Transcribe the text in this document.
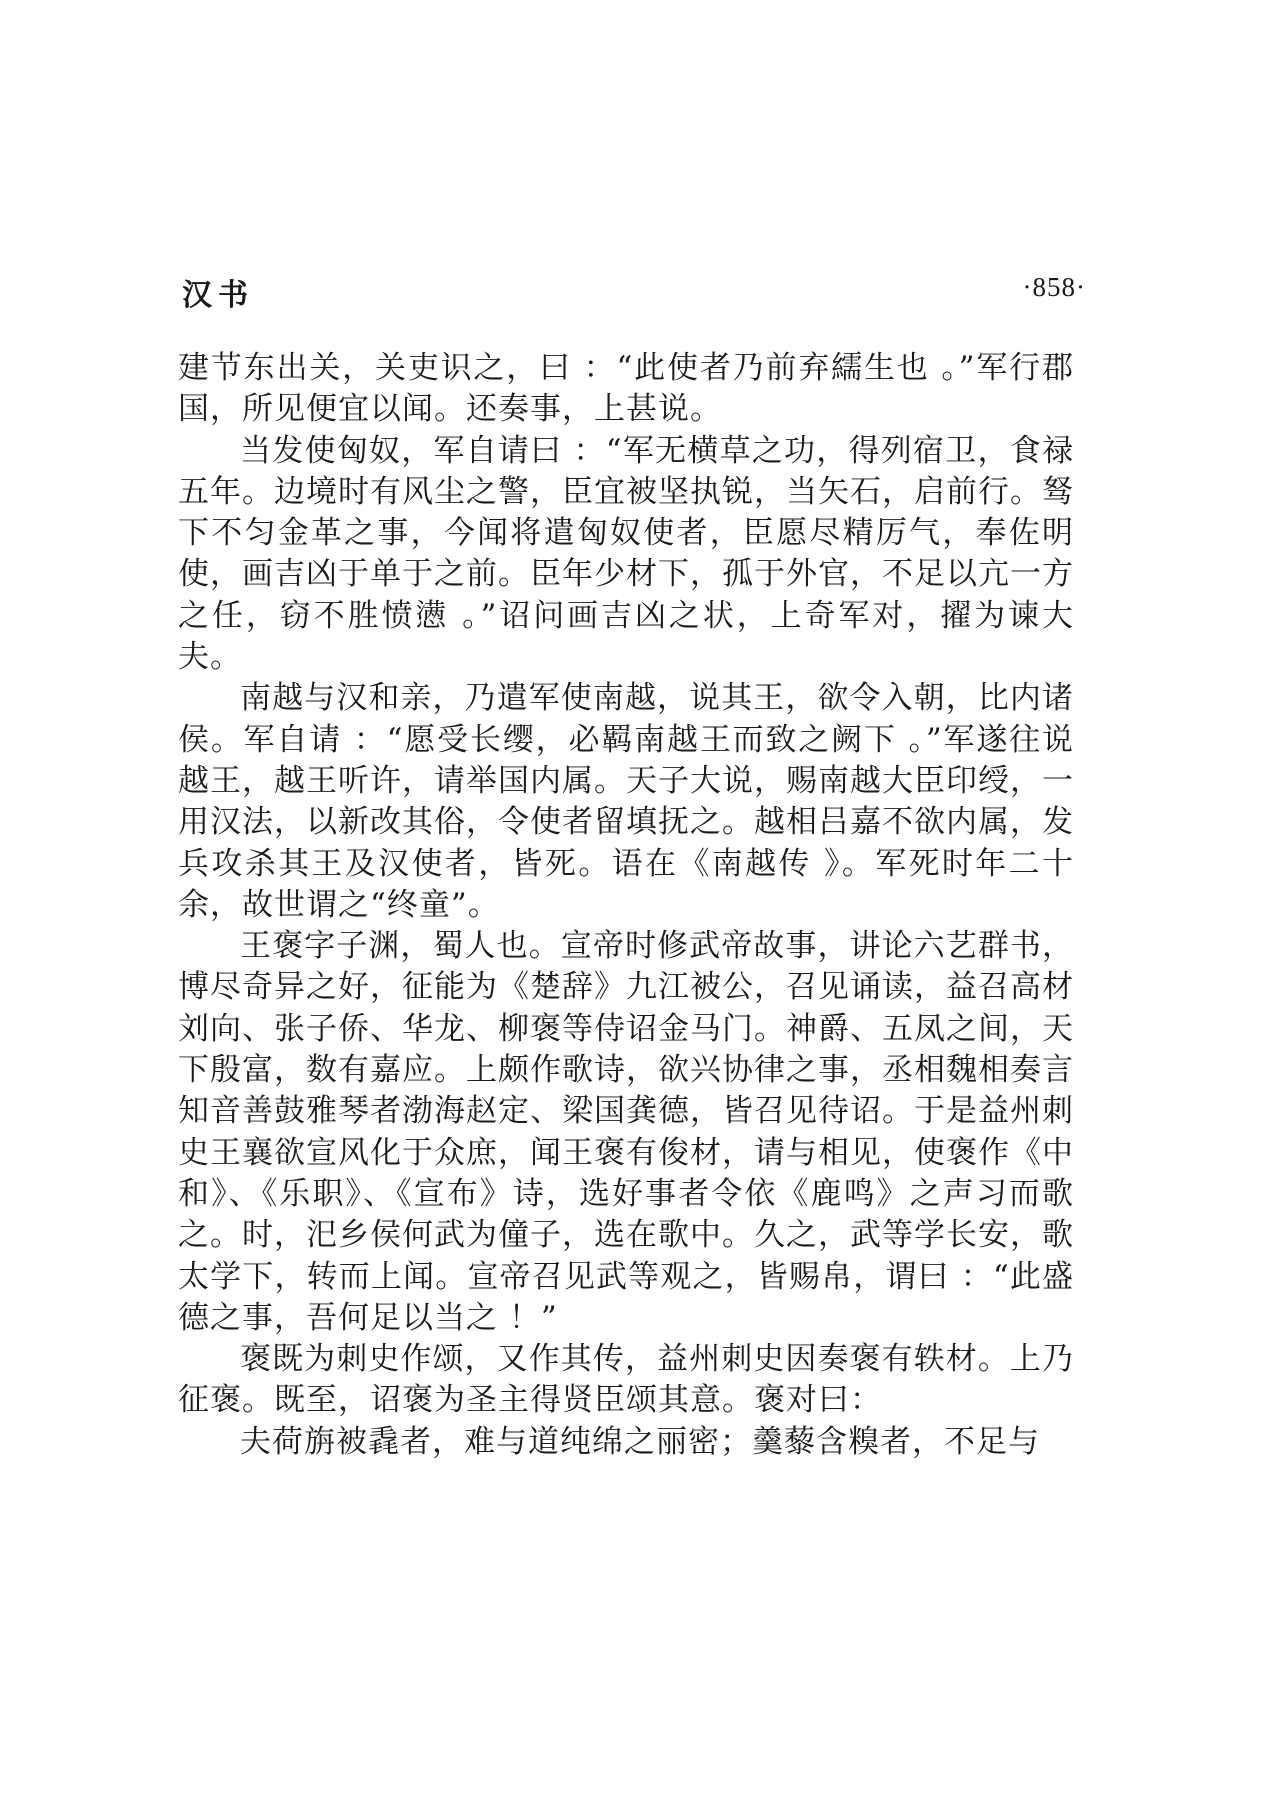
汉书	·858·

建节东出关，关吏识之，曰 ：“此使者乃前弃繻生也 。”军行郡国，所见便宜以闻。还奏事，上甚说。

当发使匈奴，军自请曰 ：“军无横草之功，得列宿卫，食禄五年。边境时有风尘之警，臣宜被坚执锐，当矢石，启前行。驽下不匀金革之事，今闻将遣匈奴使者，臣愿尽精厉气，奉佐明使，画吉凶于单于之前。臣年少材下，孤于外官，不足以亢一方之任，窃不胜愤懑 。”诏问画吉凶之状，上奇军对，擢为谏大夫。

南越与汉和亲，乃遣军使南越，说其王，欲令入朝，比内诸侯。军自请 ：“愿受长缨，必羁南越王而致之阙下 。”军遂往说越王，越王听许，请举国内属。天子大说，赐南越大臣印绶，一用汉法，以新改其俗，令使者留填抚之。越相吕嘉不欲内属，发兵攻杀其王及汉使者，皆死。语在《南越传 》。军死时年二十余，故世谓之“终童”。

王褒字子渊，蜀人也。宣帝时修武帝故事，讲论六艺群书，博尽奇异之好，征能为《楚辞》九江被公，召见诵读，益召高材刘向、张子侨、华龙、柳褒等侍诏金马门。神爵、五凤之间，天下殷富，数有嘉应。上颇作歌诗，欲兴协律之事，丞相魏相奏言知音善鼓雅琴者渤海赵定、梁国龚德，皆召见待诏。于是益州刺史王襄欲宣风化于众庶，闻王褒有俊材，请与相见，使褒作《中和》、《乐职》、《宣布》诗，选好事者令依《鹿鸣》之声习而歌之。时，汜乡侯何武为僮子，选在歌中。久之，武等学长安，歌太学下，转而上闻。宣帝召见武等观之，皆赐帛，谓曰 ：“此盛德之事，吾何足以当之 ！”

褒既为刺史作颂，又作其传，益州刺史因奏褒有轶材。上乃征褒。既至，诏褒为圣主得贤臣颂其意。褒对曰：

夫荷旃被毳者，难与道纯绵之丽密；羹藜含糗者，不足与
